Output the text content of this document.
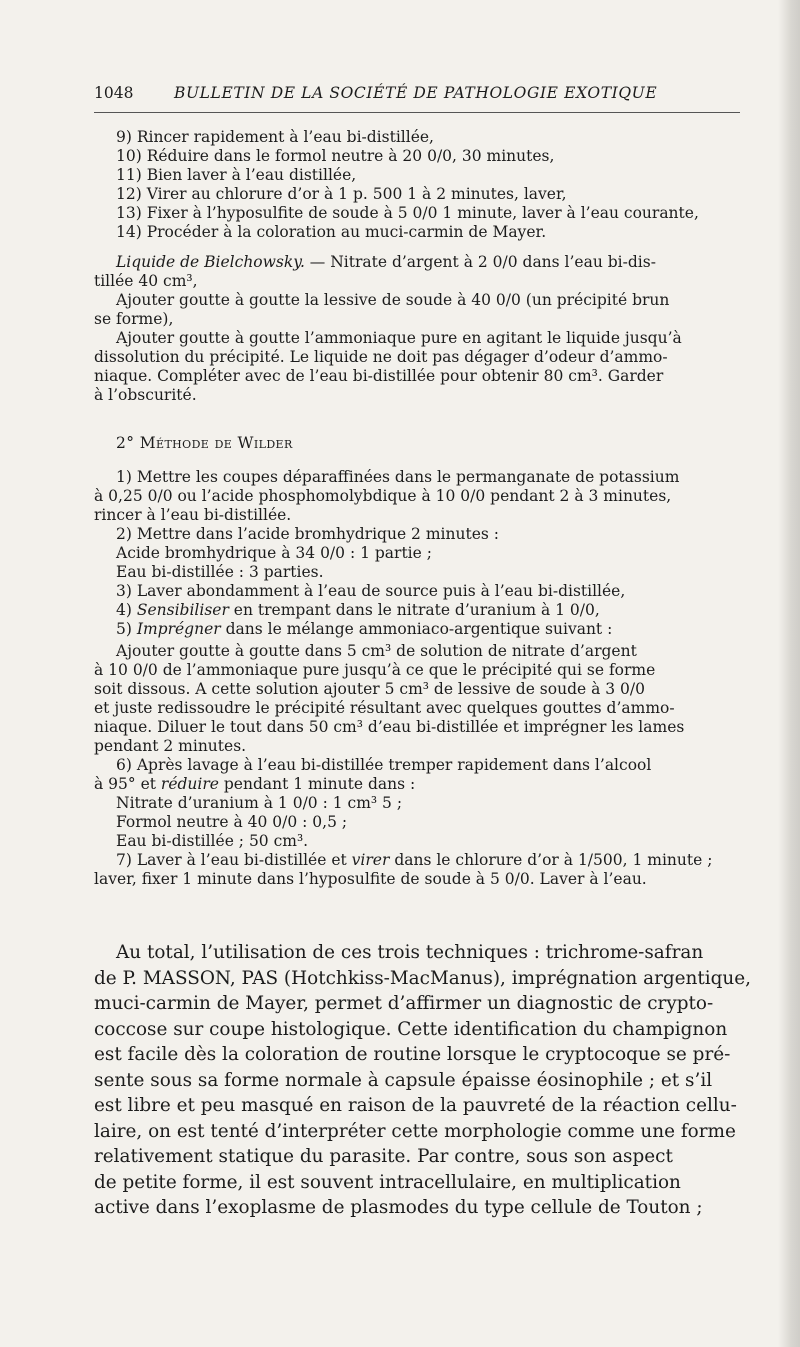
1048	BULLETIN DE LA SOCIÉTÉ DE PATHOLOGIE EXOTIQUE
9) Rincer rapidement à l’eau bi-distillée,
10) Réduire dans le formol neutre à 20 0/0, 30 minutes,
11) Bien laver à l’eau distillée,
12) Virer au chlorure d’or à 1 p. 500 1 à 2 minutes, laver,
13) Fixer à l’hyposulfite de soude à 5 0/0 1 minute, laver à l’eau courante,
14) Procéder à la coloration au muci-carmin de Mayer.
Liquide de Bielchowsky. — Nitrate d’argent à 2 0/0 dans l’eau bi-dis-
tillée 40 cm³,
Ajouter goutte à goutte la lessive de soude à 40 0/0 (un précipité brun
se forme),
Ajouter goutte à goutte l’ammoniaque pure en agitant le liquide jusqu’à
dissolution du précipité. Le liquide ne doit pas dégager d’odeur d’ammo-
niaque. Compléter avec de l’eau bi-distillée pour obtenir 80 cm³. Garder
à l’obscurité.
2° Méthode de Wilder
1) Mettre les coupes déparaffinées dans le permanganate de potassium
à 0,25 0/0 ou l’acide phosphomolybdique à 10 0/0 pendant 2 à 3 minutes,
rincer à l’eau bi-distillée.
2) Mettre dans l’acide bromhydrique 2 minutes :
Acide bromhydrique à 34 0/0 : 1 partie ;
Eau bi-distillée : 3 parties.
3) Laver abondamment à l’eau de source puis à l’eau bi-distillée,
4) Sensibiliser en trempant dans le nitrate d’uranium à 1 0/0,
5) Imprégner dans le mélange ammoniaco-argentique suivant :
Ajouter goutte à goutte dans 5 cm³ de solution de nitrate d’argent
à 10 0/0 de l’ammoniaque pure jusqu’à ce que le précipité qui se forme
soit dissous. A cette solution ajouter 5 cm³ de lessive de soude à 3 0/0
et juste redissoudre le précipité résultant avec quelques gouttes d’ammo-
niaque. Diluer le tout dans 50 cm³ d’eau bi-distillée et imprégner les lames
pendant 2 minutes.
6) Après lavage à l’eau bi-distillée tremper rapidement dans l’alcool
à 95° et réduire pendant 1 minute dans :
Nitrate d’uranium à 1 0/0 : 1 cm³ 5 ;
Formol neutre à 40 0/0 : 0,5 ;
Eau bi-distillée ; 50 cm³.
7) Laver à l’eau bi-distillée et virer dans le chlorure d’or à 1/500, 1 minute ;
laver, fixer 1 minute dans l’hyposulfite de soude à 5 0/0. Laver à l’eau.
Au total, l’utilisation de ces trois techniques : trichrome-safran
de P. MASSON, PAS (Hotchkiss-MacManus), imprégnation argentique,
muci-carmin de Mayer, permet d’affirmer un diagnostic de crypto-
coccose sur coupe histologique. Cette identification du champignon
est facile dès la coloration de routine lorsque le cryptocoque se pré-
sente sous sa forme normale à capsule épaisse éosinophile ; et s’il
est libre et peu masqué en raison de la pauvreté de la réaction cellu-
laire, on est tenté d’interpréter cette morphologie comme une forme
relativement statique du parasite. Par contre, sous son aspect
de petite forme, il est souvent intracellulaire, en multiplication
active dans l’exoplasme de plasmodes du type cellule de Touton ;
